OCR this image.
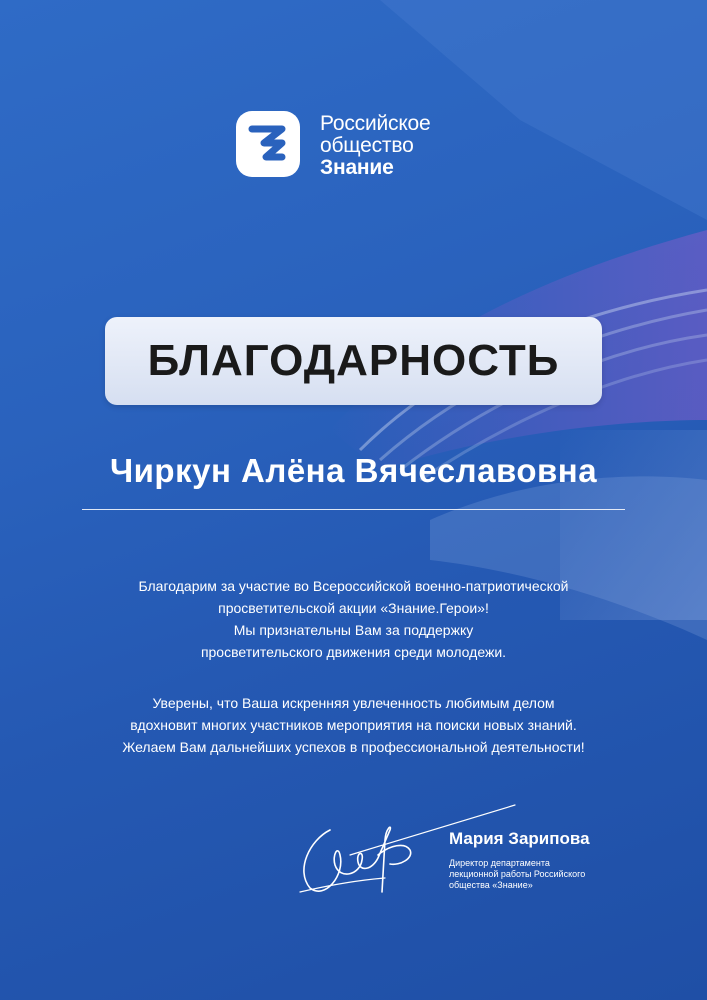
Российское
общество
Знание
БЛАГОДАРНОСТЬ
Чиркун Алёна Вячеславовна
Благодарим за участие во Всероссийской военно-патриотической
просветительской акции «Знание.Герои»!
Мы признательны Вам за поддержку
просветительского движения среди молодежи.
Уверены, что Ваша искренняя увлеченность любимым делом
вдохновит многих участников мероприятия на поиски новых знаний.
Желаем Вам дальнейших успехов в профессиональной деятельности!
Мария Зарипова
Директор департамента
лекционной работы Российского
общества «Знание»
